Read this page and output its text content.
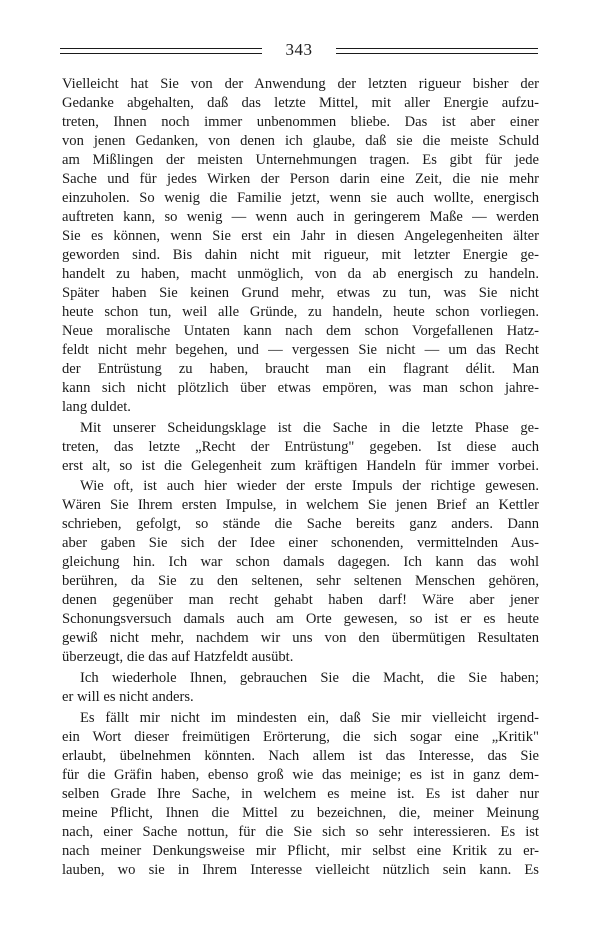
343
Vielleicht hat Sie von der Anwendung der letzten rigueur bisher der
Gedanke abgehalten, daß das letzte Mittel, mit aller Energie aufzu-
treten, Ihnen noch immer unbenommen bliebe. Das ist aber einer
von jenen Gedanken, von denen ich glaube, daß sie die meiste Schuld
am Mißlingen der meisten Unternehmungen tragen. Es gibt für jede
Sache und für jedes Wirken der Person darin eine Zeit, die nie mehr
einzuholen. So wenig die Familie jetzt, wenn sie auch wollte, energisch
auftreten kann, so wenig — wenn auch in geringerem Maße — werden
Sie es können, wenn Sie erst ein Jahr in diesen Angelegenheiten älter
geworden sind. Bis dahin nicht mit rigueur, mit letzter Energie ge-
handelt zu haben, macht unmöglich, von da ab energisch zu handeln.
Später haben Sie keinen Grund mehr, etwas zu tun, was Sie nicht
heute schon tun, weil alle Gründe, zu handeln, heute schon vorliegen.
Neue moralische Untaten kann nach dem schon Vorgefallenen Hatz-
feldt nicht mehr begehen, und — vergessen Sie nicht — um das Recht
der Entrüstung zu haben, braucht man ein flagrant délit. Man
kann sich nicht plötzlich über etwas empören, was man schon jahre-
lang duldet.
Mit unserer Scheidungsklage ist die Sache in die letzte Phase ge-
treten, das letzte „Recht der Entrüstung" gegeben. Ist diese auch
erst alt, so ist die Gelegenheit zum kräftigen Handeln für immer vorbei.
Wie oft, ist auch hier wieder der erste Impuls der richtige gewesen.
Wären Sie Ihrem ersten Impulse, in welchem Sie jenen Brief an Kettler
schrieben, gefolgt, so stände die Sache bereits ganz anders. Dann
aber gaben Sie sich der Idee einer schonenden, vermittelnden Aus-
gleichung hin. Ich war schon damals dagegen. Ich kann das wohl
berühren, da Sie zu den seltenen, sehr seltenen Menschen gehören,
denen gegenüber man recht gehabt haben darf! Wäre aber jener
Schonungsversuch damals auch am Orte gewesen, so ist er es heute
gewiß nicht mehr, nachdem wir uns von den übermütigen Resultaten
überzeugt, die das auf Hatzfeldt ausübt.
Ich wiederhole Ihnen, gebrauchen Sie die Macht, die Sie haben;
er will es nicht anders.
Es fällt mir nicht im mindesten ein, daß Sie mir vielleicht irgend-
ein Wort dieser freimütigen Erörterung, die sich sogar eine „Kritik"
erlaubt, übelnehmen könnten. Nach allem ist das Interesse, das Sie
für die Gräfin haben, ebenso groß wie das meinige; es ist in ganz dem-
selben Grade Ihre Sache, in welchem es meine ist. Es ist daher nur
meine Pflicht, Ihnen die Mittel zu bezeichnen, die, meiner Meinung
nach, einer Sache nottun, für die Sie sich so sehr interessieren. Es ist
nach meiner Denkungsweise mir Pflicht, mir selbst eine Kritik zu er-
lauben, wo sie in Ihrem Interesse vielleicht nützlich sein kann. Es
